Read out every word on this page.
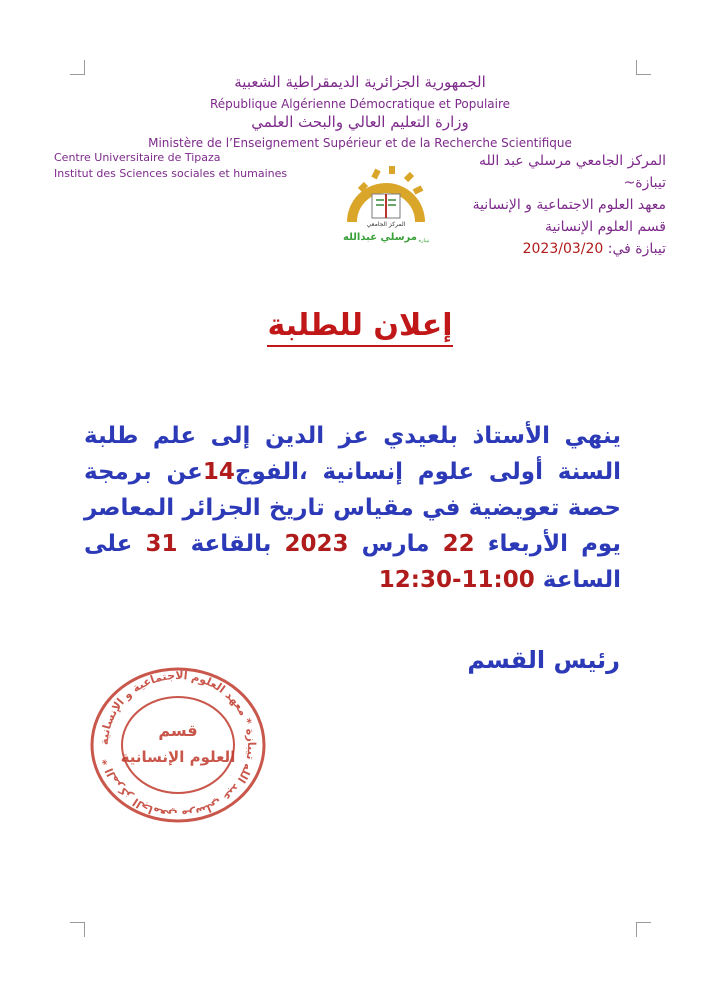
الجمهورية الجزائرية الديمقراطية الشعبية
République Algérienne Démocratique et Populaire
وزارة التعليم العالي والبحث العلمي
Ministère de l’Enseignement Supérieur et de la Recherche Scientifique
Centre Universitaire de Tipaza
Institut des Sciences sociales et humaines
المركز الجامعي مرسلي عبد الله
تيبازة~
معهد العلوم الاجتماعية و الإنسانية
قسم العلوم الإنسانية
تيبازة في: 2023/03/20
المركز الجامعي
مرسلي عبدالله تيبازة
إعلان للطلبة
ينهي الأستاذ بلعيدي عز الدين إلى علم طلبة السنة أولى علوم إنسانية ،الفوج14عن برمجة حصة تعويضية في مقياس تاريخ الجزائر المعاصر يوم الأربعاء 22 مارس 2023 بالقاعة 31 على الساعة 11:00-12:30
رئيس القسم
المركز الجامعي مرسلي عبد الله تيبازة * معهد العلوم الاجتماعية و الإنسانية *
قسم
العلوم الإنسانية
